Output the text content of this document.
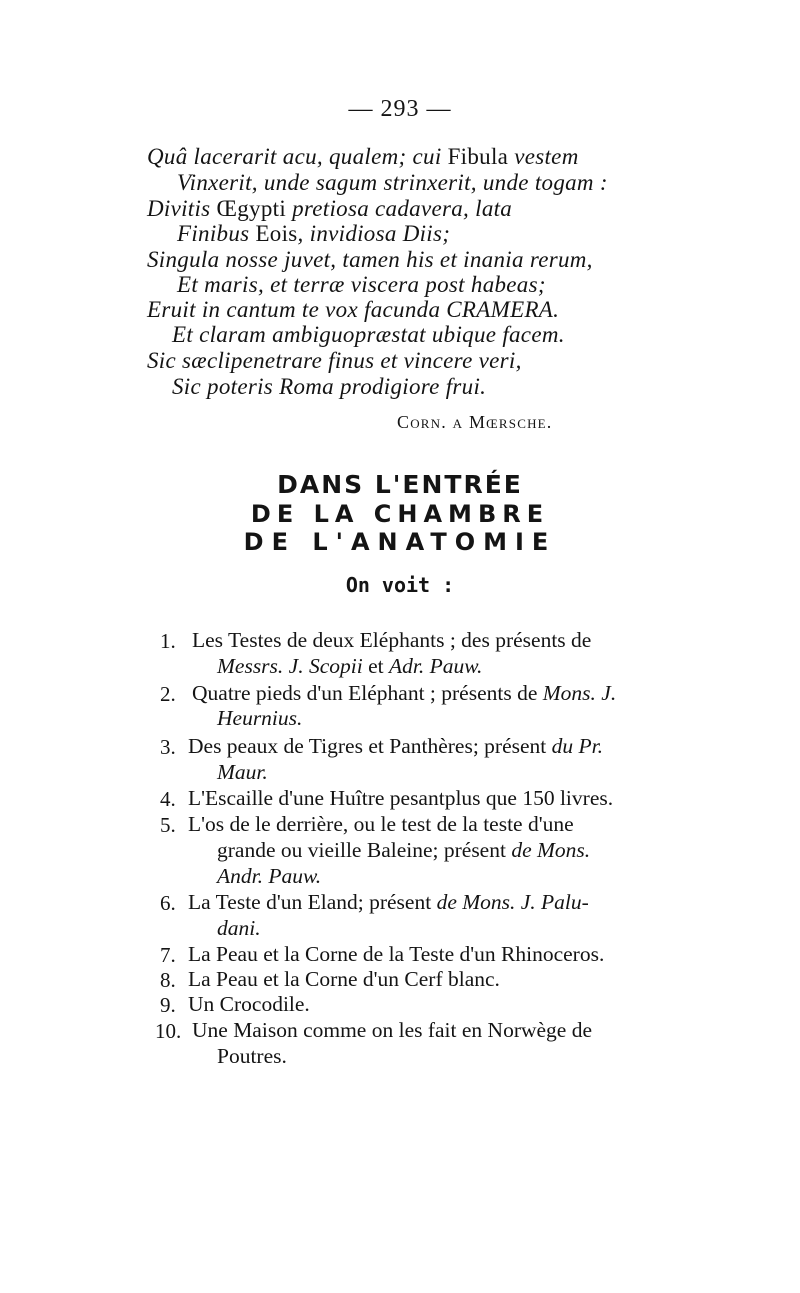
— 293 —
Quâ lacerarit acu, qualem; cui Fibula vestem
Vinxerit, unde sagum strinxerit, unde togam :
Divitis Œgypti pretiosa cadavera, lata
Finibus Eois, invidiosa Diis;
Singula nosse juvet, tamen his et inania rerum,
Et maris, et terræ viscera post habeas;
Eruit in cantum te vox facunda CRAMERA.
Et claram ambiguopræstat ubique facem.
Sic sæclipenetrare finus et vincere veri,
Sic poteris Roma prodigiore frui.
Corn. a Mœrsche.
DANS L'ENTRÉE
DE LA CHAMBRE
DE L'ANATOMIE
On voit :
1. Les Testes de deux Eléphants ; des présents de
Messrs. J. Scopii et Adr. Pauw.
2. Quatre pieds d'un Eléphant ; présents de Mons. J.
Heurnius.
3. Des peaux de Tigres et Panthères; présent du Pr.
Maur.
4. L'Escaille d'une Huître pesantplus que 150 livres.
5. L'os de le derrière, ou le test de la teste d'une
grande ou vieille Baleine; présent de Mons.
Andr. Pauw.
6. La Teste d'un Eland; présent de Mons. J. Palu-
dani.
7. La Peau et la Corne de la Teste d'un Rhinoceros.
8. La Peau et la Corne d'un Cerf blanc.
9. Un Crocodile.
10. Une Maison comme on les fait en Norwège de
Poutres.
